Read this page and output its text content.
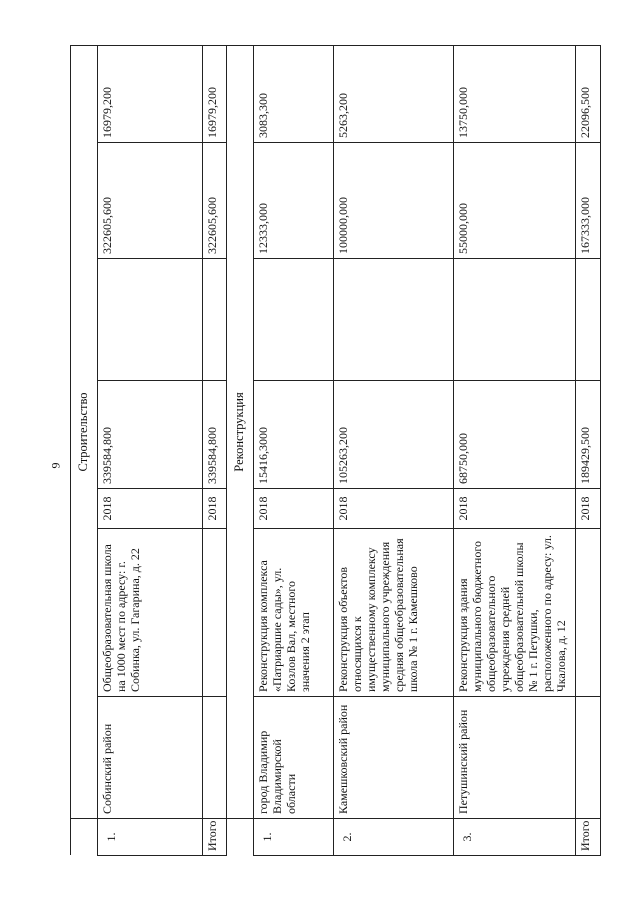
9
	Строительство						
1.	Собинский район	Общеобразовательная школа на 1000 мест по адресу: г. Собинка, ул. Гагарина, д. 22	2018	339584,800		322605,600	16979,200
Итого			2018	339584,800		322605,600	16979,200
	Реконструкция						
1.	город Владимир Владимирской области	Реконструкция комплекса «Патриаршие сады», ул. Козлов Вал, местного значения 2 этап	2018	15416,3000		12333,000	3083,300
2.	Камешковский район	Реконструкция объектов относящихся к имущественному комплексу муниципального учреждения средняя общеобразовательная школа № 1 г. Камешково	2018	105263,200		100000,000	5263,200
3.	Петушинский район	Реконструкция здания муниципального бюджетного общеобразовательного учреждения средней общеобразовательной школы № 1 г. Петушки, расположенного по адресу: ул. Чкалова, д. 12	2018	68750,000		55000,000	13750,000
Итого			2018	189429,500		167333,000	22096,500
